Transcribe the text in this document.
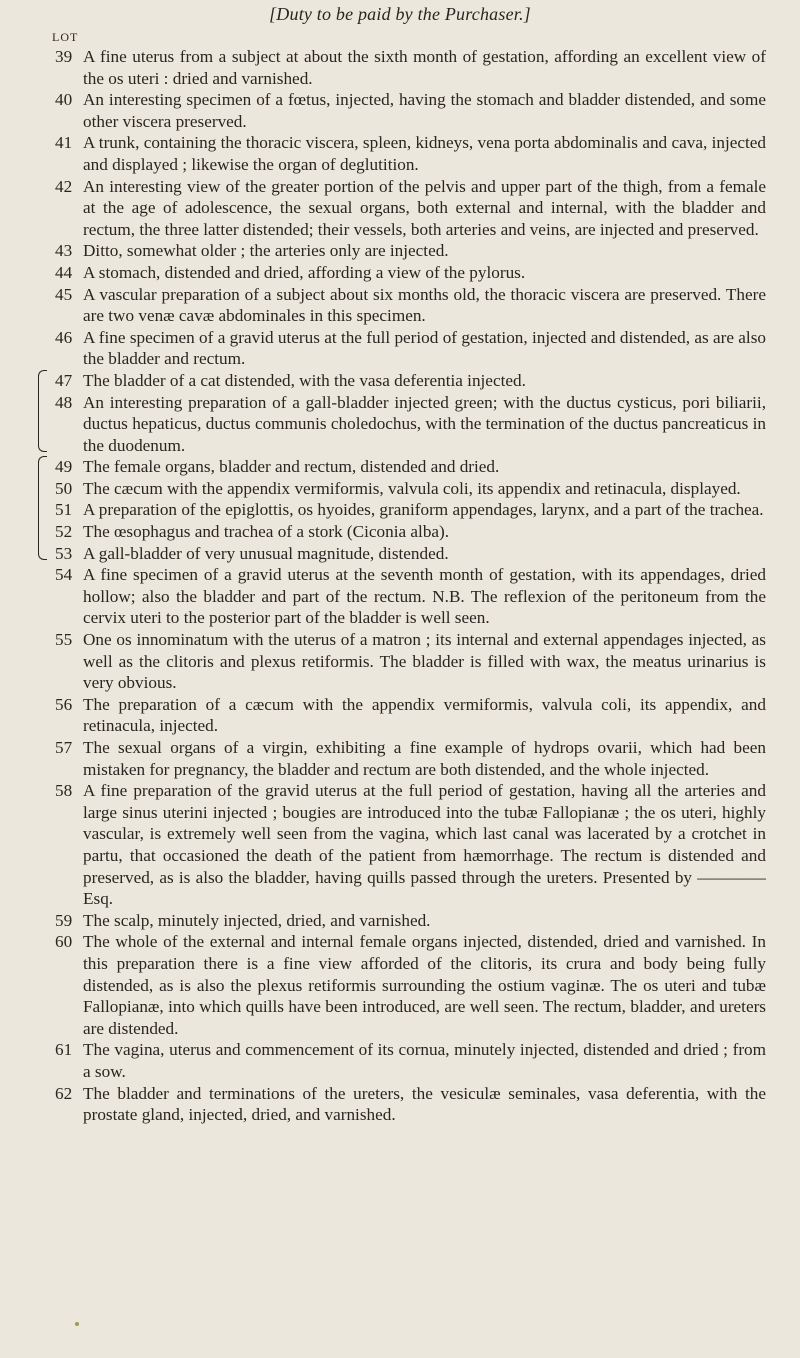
[Duty to be paid by the Purchaser.]
LOT
39 A fine uterus from a subject at about the sixth month of gestation, affording an excellent view of the os uteri : dried and varnished.
40 An interesting specimen of a fœtus, injected, having the stomach and bladder distended, and some other viscera preserved.
41 A trunk, containing the thoracic viscera, spleen, kidneys, vena porta abdominalis and cava, injected and displayed ; likewise the organ of deglutition.
42 An interesting view of the greater portion of the pelvis and upper part of the thigh, from a female at the age of adolescence, the sexual organs, both external and internal, with the bladder and rectum, the three latter distended; their vessels, both arteries and veins, are injected and preserved.
43 Ditto, somewhat older ; the arteries only are injected.
44 A stomach, distended and dried, affording a view of the pylorus.
45 A vascular preparation of a subject about six months old, the thoracic viscera are preserved. There are two venæ cavæ abdominales in this specimen.
46 A fine specimen of a gravid uterus at the full period of gestation, injected and distended, as are also the bladder and rectum.
47 The bladder of a cat distended, with the vasa deferentia injected.
48 An interesting preparation of a gall-bladder injected green; with the ductus cysticus, pori biliarii, ductus hepaticus, ductus communis choledochus, with the termination of the ductus pancreaticus in the duodenum.
49 The female organs, bladder and rectum, distended and dried.
50 The cæcum with the appendix vermiformis, valvula coli, its appendix and retinacula, displayed.
51 A preparation of the epiglottis, os hyoides, graniform appendages, larynx, and a part of the trachea.
52 The œsophagus and trachea of a stork (Ciconia alba).
53 A gall-bladder of very unusual magnitude, distended.
54 A fine specimen of a gravid uterus at the seventh month of gestation, with its appendages, dried hollow; also the bladder and part of the rectum. N.B. The reflexion of the peritoneum from the cervix uteri to the posterior part of the bladder is well seen.
55 One os innominatum with the uterus of a matron ; its internal and external appendages injected, as well as the clitoris and plexus retiformis. The bladder is filled with wax, the meatus urinarius is very obvious.
56 The preparation of a cæcum with the appendix vermiformis, valvula coli, its appendix, and retinacula, injected.
57 The sexual organs of a virgin, exhibiting a fine example of hydrops ovarii, which had been mistaken for pregnancy, the bladder and rectum are both distended, and the whole injected.
58 A fine preparation of the gravid uterus at the full period of gestation, having all the arteries and large sinus uterini injected ; bougies are introduced into the tubæ Fallopianæ ; the os uteri, highly vascular, is extremely well seen from the vagina, which last canal was lacerated by a crotchet in partu, that occasioned the death of the patient from hæmorrhage. The rectum is distended and preserved, as is also the bladder, having quills passed through the ureters. Presented by ———— Esq.
59 The scalp, minutely injected, dried, and varnished.
60 The whole of the external and internal female organs injected, distended, dried and varnished. In this preparation there is a fine view afforded of the clitoris, its crura and body being fully distended, as is also the plexus retiformis surrounding the ostium vaginæ. The os uteri and tubæ Fallopianæ, into which quills have been introduced, are well seen. The rectum, bladder, and ureters are distended.
61 The vagina, uterus and commencement of its cornua, minutely injected, distended and dried ; from a sow.
62 The bladder and terminations of the ureters, the vesiculæ seminales, vasa deferentia, with the prostate gland, injected, dried, and varnished.
